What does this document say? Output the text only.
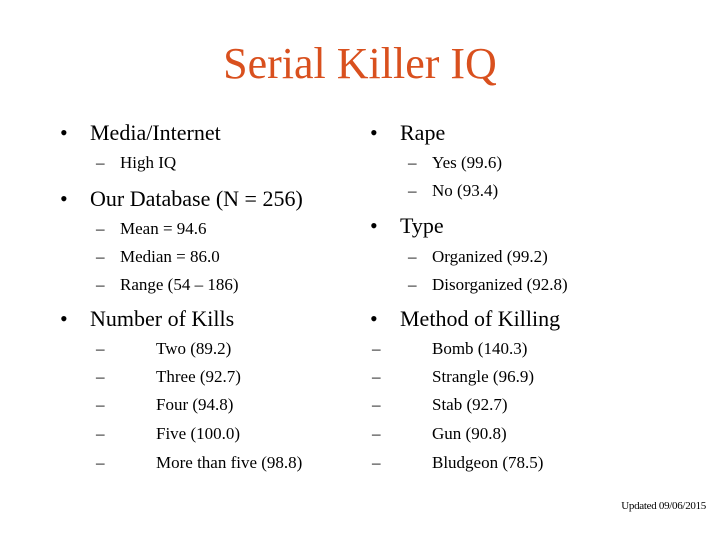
Serial Killer IQ
• Media/Internet
– High IQ
• Our Database (N = 256)
– Mean = 94.6
– Median = 86.0
– Range (54 – 186)
• Number of Kills
–	Two (89.2)
–	Three (92.7)
–	Four (94.8)
–	Five (100.0)
–	More than five (98.8)
• Rape
– Yes (99.6)
– No (93.4)
• Type
– Organized (99.2)
– Disorganized (92.8)
• Method of Killing
–	Bomb (140.3)
–	Strangle (96.9)
–	Stab (92.7)
–	Gun (90.8)
–	Bludgeon (78.5)
Updated 09/06/2015
